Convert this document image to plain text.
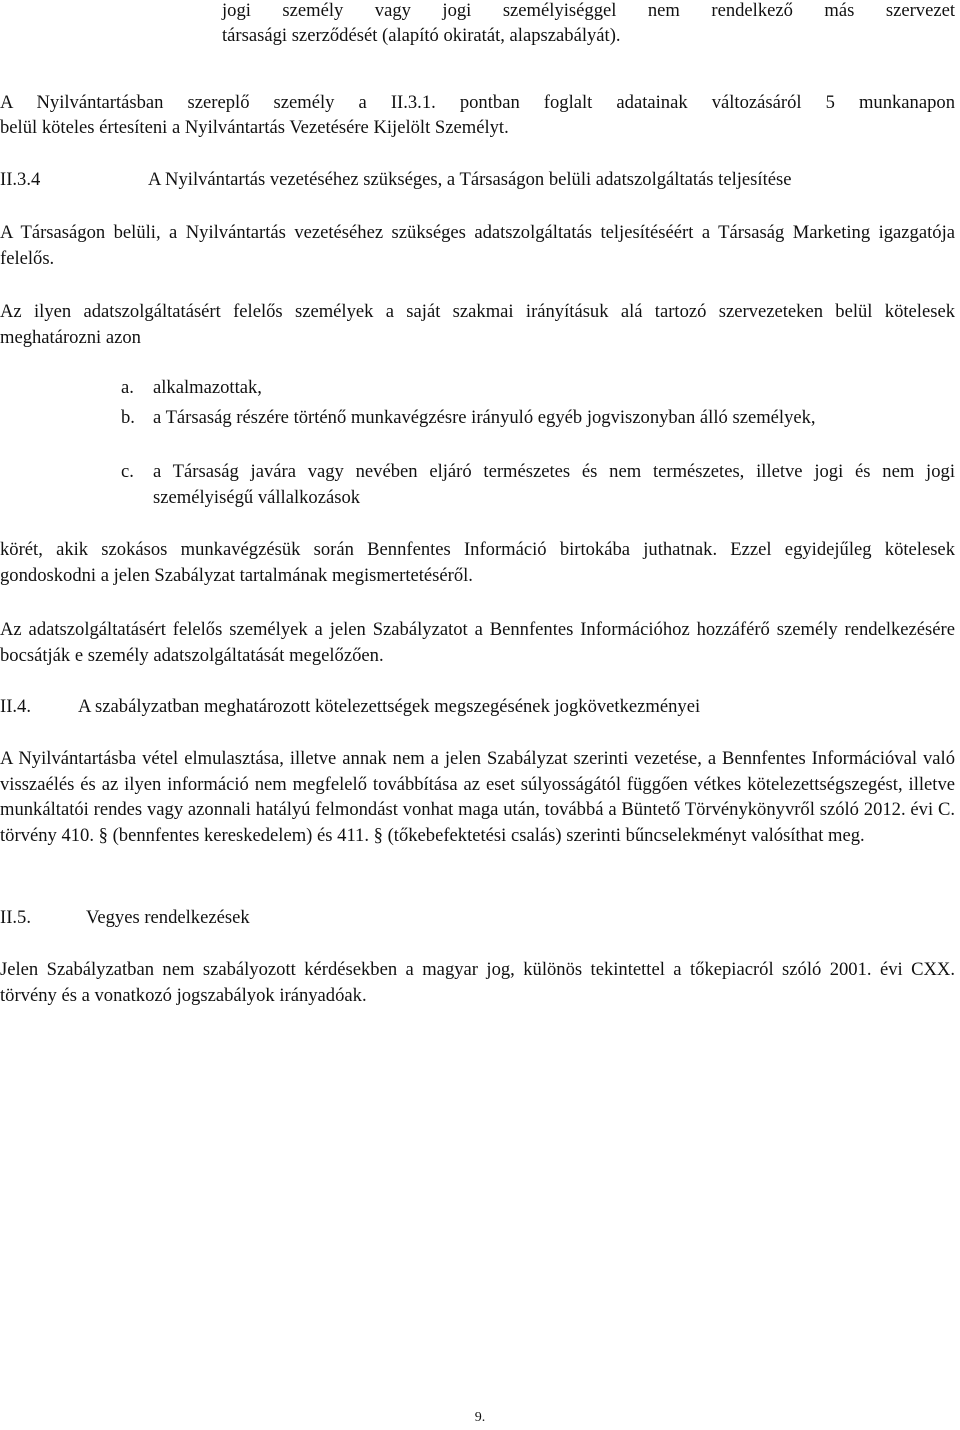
jogi személy vagy jogi személyiséggel nem rendelkező más szervezet
társasági szerződését (alapító okiratát, alapszabályát).
A Nyilvántartásban szereplő személy a II.3.1. pontban foglalt adatainak változásáról 5 munkanapon
belül köteles értesíteni a Nyilvántartás Vezetésére Kijelölt Személyt.
II.3.4	A Nyilvántartás vezetéséhez szükséges, a Társaságon belüli adatszolgáltatás teljesítése

A Társaságon belüli, a Nyilvántartás vezetéséhez szükséges adatszolgáltatás teljesítéséért a Társaság Marketing igazgatója felelős.

Az ilyen adatszolgáltatásért felelős személyek a saját szakmai irányításuk alá tartozó szervezeteken belül kötelesek meghatározni azon

a. alkalmazottak,
b. a Társaság részére történő munkavégzésre irányuló egyéb jogviszonyban álló személyek,
c. a Társaság javára vagy nevében eljáró természetes és nem természetes, illetve jogi és nem jogi személyiségű vállalkozások

körét, akik szokásos munkavégzésük során Bennfentes Információ birtokába juthatnak. Ezzel egyidejűleg kötelesek gondoskodni a jelen Szabályzat tartalmának megismertetéséről.

Az adatszolgáltatásért felelős személyek a jelen Szabályzatot a Bennfentes Információhoz hozzáférő személy rendelkezésére bocsátják e személy adatszolgáltatását megelőzően.

II.4.	A szabályzatban meghatározott kötelezettségek megszegésének jogkövetkezményei

A Nyilvántartásba vétel elmulasztása, illetve annak nem a jelen Szabályzat szerinti vezetése, a Bennfentes Információval való visszaélés és az ilyen információ nem megfelelő továbbítása az eset súlyosságától függően vétkes kötelezettségszegést, illetve munkáltatói rendes vagy azonnali hatályú felmondást vonhat maga után, továbbá a Büntető Törvénykönyvről szóló 2012. évi C. törvény 410. § (bennfentes kereskedelem) és 411. § (tőkebefektetési csalás) szerinti bűncselekményt valósíthat meg.

II.5.	Vegyes rendelkezések

Jelen Szabályzatban nem szabályozott kérdésekben a magyar jog, különös tekintettel a tőkepiacról szóló 2001. évi CXX. törvény és a vonatkozó jogszabályok irányadóak.

9.
